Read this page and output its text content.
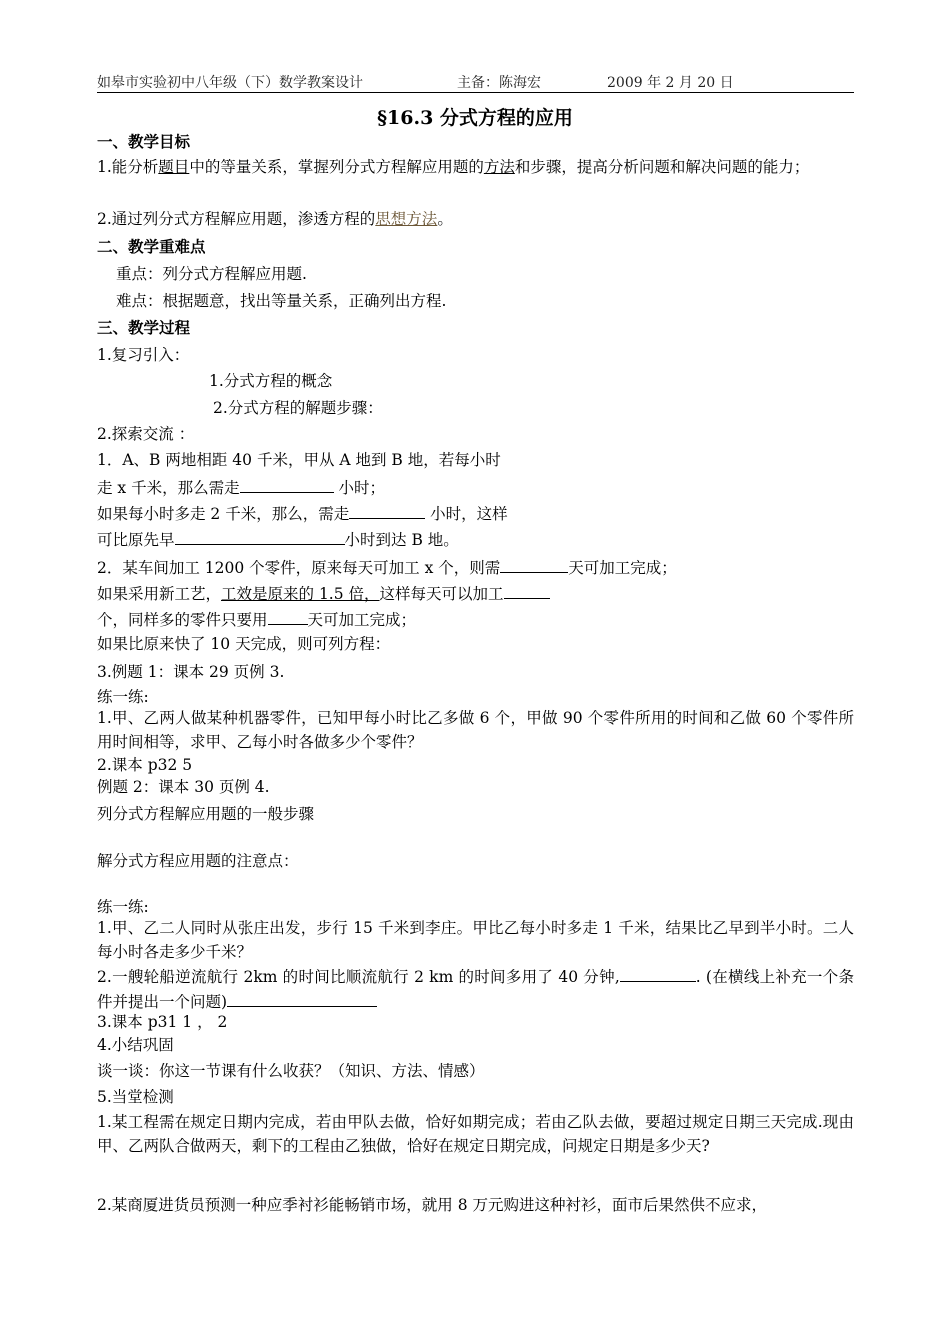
如皋市实验初中八年级（下）数学教案设计	主备：陈海宏	2009 年 2 月 20 日
§16.3 分式方程的应用
一、教学目标
1.能分析题目中的等量关系，掌握列分式方程解应用题的方法和步骤，提高分析问题和解决问题的能力；
2.通过列分式方程解应用题，渗透方程的思想方法。
二、教学重难点
重点：列分式方程解应用题.
难点：根据题意，找出等量关系，正确列出方程.
三、教学过程
1.复习引入：
1.分式方程的概念
2.分式方程的解题步骤：
2.探索交流 ：
1．A、B 两地相距 40 千米，甲从 A 地到 B 地，若每小时
走 x 千米，那么需走	小时；
如果每小时多走 2 千米，那么，需走	小时，这样
可比原先早	小时到达 B 地。
2．某车间加工 1200 个零件，原来每天可加工 x 个，则需	天可加工完成；
如果采用新工艺，工效是原来的 1.5 倍，这样每天可以加工
个，同样多的零件只要用	天可加工完成；
如果比原来快了 10 天完成，则可列方程：
3.例题 1：课本 29 页例 3.
练一练:
1.甲、乙两人做某种机器零件，已知甲每小时比乙多做 6 个，甲做 90 个零件所用的时间和乙做 60 个零件所用时间相等，求甲、乙每小时各做多少个零件？
2.课本 p32 5
例题 2：课本 30 页例 4.
列分式方程解应用题的一般步骤
解分式方程应用题的注意点：
练一练:
1.甲、乙二人同时从张庄出发，步行 15 千米到李庄。甲比乙每小时多走 1 千米，结果比乙早到半小时。二人每小时各走多少千米？
2.一艘轮船逆流航行 2km 的时间比顺流航行 2 km 的时间多用了 40 分钟,	. (在横线上补充一个条件并提出一个问题)
3.课本 p31 1 ， 2
4.小结巩固
谈一谈：你这一节课有什么收获？（知识、方法、情感）
5.当堂检测
1.某工程需在规定日期内完成，若由甲队去做，恰好如期完成；若由乙队去做，要超过规定日期三天完成.现由甲、乙两队合做两天，剩下的工程由乙独做，恰好在规定日期完成，问规定日期是多少天?
2.某商厦进货员预测一种应季衬衫能畅销市场，就用 8 万元购进这种衬衫，面市后果然供不应求，
